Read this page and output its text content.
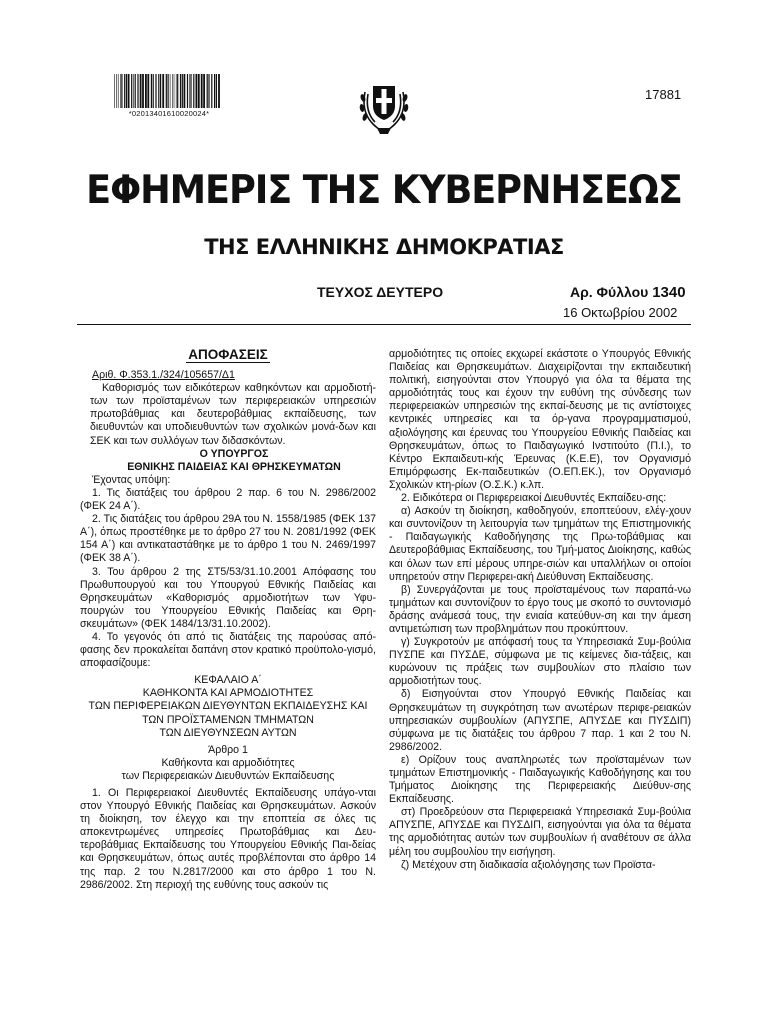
*02013401610020024*
17881
ΕΦΗΜΕΡΙΣ ΤΗΣ ΚΥΒΕΡΝΗΣΕΩΣ
ΤΗΣ ΕΛΛΗΝΙΚΗΣ ΔΗΜΟΚΡΑΤΙΑΣ
ΤΕΥΧΟΣ ΔΕΥΤΕΡΟ	Αρ. Φύλλου 1340
16 Οκτωβρίου 2002
ΑΠΟΦΑΣΕΙΣ

Αριθ. Φ.353.1./324/105657/Δ1

Καθορισμός των ειδικότερων καθηκόντων και αρμοδιοτή-των των προϊσταμένων των περιφερειακών υπηρεσιών πρωτοβάθμιας και δευτεροβάθμιας εκπαίδευσης, των διευθυντών και υποδιευθυντών των σχολικών μονά-δων και ΣΕΚ και των συλλόγων των διδασκόντων.

Ο ΥΠΟΥΡΓΟΣ

ΕΘΝΙΚΗΣ ΠΑΙΔΕΙΑΣ ΚΑΙ ΘΡΗΣΚΕΥΜΑΤΩΝ

Έχοντας υπόψη:

1. Τις διατάξεις του άρθρου 2 παρ. 6 του Ν. 2986/2002 (ΦΕΚ 24 Α΄).

2. Τις διατάξεις του άρθρου 29Α του Ν. 1558/1985 (ΦΕΚ 137 Α΄), όπως προστέθηκε με το άρθρο 27 του Ν. 2081/1992 (ΦΕΚ 154 Α΄) και αντικαταστάθηκε με το άρθρο 1 του Ν. 2469/1997 (ΦΕΚ 38 Α΄).

3. Του άρθρου 2 της ΣΤ5/53/31.10.2001 Απόφασης του Πρωθυπουργού και του Υπουργού Εθνικής Παιδείας και Θρησκευμάτων «Καθορισμός αρμοδιοτήτων των Υφυ-πουργών του Υπουργείου Εθνικής Παιδείας και Θρη-σκευμάτων» (ΦΕΚ 1484/13/31.10.2002).

4. Το γεγονός ότι από τις διατάξεις της παρούσας από-φασης δεν προκαλείται δαπάνη στον κρατικό προϋπολο-γισμό, αποφασίζουμε:

ΚΕΦΑΛΑΙΟ Α΄

ΚΑΘΗΚΟΝΤΑ ΚΑΙ ΑΡΜΟΔΙΟΤΗΤΕΣ

ΤΩΝ ΠΕΡΙΦΕΡΕΙΑΚΩΝ ΔΙΕΥΘΥΝΤΩΝ ΕΚΠΑΙΔΕΥΣΗΣ ΚΑΙ

ΤΩΝ ΠΡΟΪΣΤΑΜΕΝΩΝ ΤΜΗΜΑΤΩΝ

ΤΩΝ ΔΙΕΥΘΥΝΣΕΩΝ ΑΥΤΩΝ

Άρθρο 1

Καθήκοντα και αρμοδιότητες

των Περιφερειακών Διευθυντών Εκπαίδευσης

1. Οι Περιφερειακοί Διευθυντές Εκπαίδευσης υπάγο-νται στον Υπουργό Εθνικής Παιδείας και Θρησκευμάτων. Ασκούν τη διοίκηση, τον έλεγχο και την εποπτεία σε όλες τις αποκεντρωμένες υπηρεσίες Πρωτοβάθμιας και Δευ-τεροβάθμιας Εκπαίδευσης του Υπουργείου Εθνικής Παι-δείας και Θρησκευμάτων, όπως αυτές προβλέπονται στο άρθρο 14 της παρ. 2 του Ν.2817/2000 και στο άρθρο 1 του Ν. 2986/2002. Στη περιοχή της ευθύνης τους ασκούν τις

αρμοδιότητες τις οποίες εκχωρεί εκάστοτε ο Υπουργός Εθνικής Παιδείας και Θρησκευμάτων. Διαχειρίζονται την εκπαιδευτική πολιτική, εισηγούνται στον Υπουργό για όλα τα θέματα της αρμοδιότητάς τους και έχουν την ευθύνη της σύνδεσης των περιφερειακών υπηρεσιών της εκπαί-δευσης με τις αντίστοιχες κεντρικές υπηρεσίες και τα όρ-γανα προγραμματισμού, αξιολόγησης και έρευνας του Υπουργείου Εθνικής Παιδείας και Θρησκευμάτων, όπως το Παιδαγωγικό Ινστιτούτο (Π.Ι.), το Κέντρο Εκπαιδευτι-κής Έρευνας (Κ.Ε.Ε), τον Οργανισμό Επιμόρφωσης Εκ-παιδευτικών (Ο.ΕΠ.ΕΚ.), τον Οργανισμό Σχολικών κτη-ρίων (Ο.Σ.Κ.) κ.λπ.

2. Ειδικότερα οι Περιφερειακοί Διευθυντές Εκπαίδευ-σης:

α) Ασκούν τη διοίκηση, καθοδηγούν, εποπτεύουν, ελέγ-χουν και συντονίζουν τη λειτουργία των τμημάτων της Επιστημονικής - Παιδαγωγικής Καθοδήγησης της Πρω-τοβάθμιας και Δευτεροβάθμιας Εκπαίδευσης, του Τμή-ματος Διοίκησης, καθώς και όλων των επί μέρους υπηρε-σιών και υπαλλήλων οι οποίοι υπηρετούν στην Περιφερει-ακή Διεύθυνση Εκπαίδευσης.

β) Συνεργάζονται με τους προϊσταμένους των παραπά-νω τμημάτων και συντονίζουν το έργο τους με σκοπό το συντονισμό δράσης ανάμεσά τους, την ενιαία κατεύθυν-ση και την άμεση αντιμετώπιση των προβλημάτων που προκύπτουν.

γ) Συγκροτούν με απόφασή τους τα Υπηρεσιακά Συμ-βούλια ΠΥΣΠΕ και ΠΥΣΔΕ, σύμφωνα με τις κείμενες δια-τάξεις, και κυρώνουν τις πράξεις των συμβουλίων στο πλαίσιο των αρμοδιοτήτων τους.

δ) Εισηγούνται στον Υπουργό Εθνικής Παιδείας και Θρησκευμάτων τη συγκρότηση των ανωτέρων περιφε-ρειακών υπηρεσιακών συμβουλίων (ΑΠΥΣΠΕ, ΑΠΥΣΔΕ και ΠΥΣΔΙΠ) σύμφωνα με τις διατάξεις του άρθρου 7 παρ. 1 και 2 του Ν. 2986/2002.

ε) Ορίζουν τους αναπληρωτές των προϊσταμένων των τμημάτων Επιστημονικής - Παιδαγωγικής Καθοδήγησης και του Τμήματος Διοίκησης της Περιφερειακής Διεύθυν-σης Εκπαίδευσης.

στ) Προεδρεύουν στα Περιφερειακά Υπηρεσιακά Συμ-βούλια ΑΠΥΣΠΕ, ΑΠΥΣΔΕ και ΠΥΣΔΙΠ, εισηγούνται για όλα τα θέματα της αρμοδιότητας αυτών των συμβουλίων ή αναθέτουν σε άλλα μέλη του συμβουλίου την εισήγηση.

ζ) Μετέχουν στη διαδικασία αξιολόγησης των Προϊστα-
